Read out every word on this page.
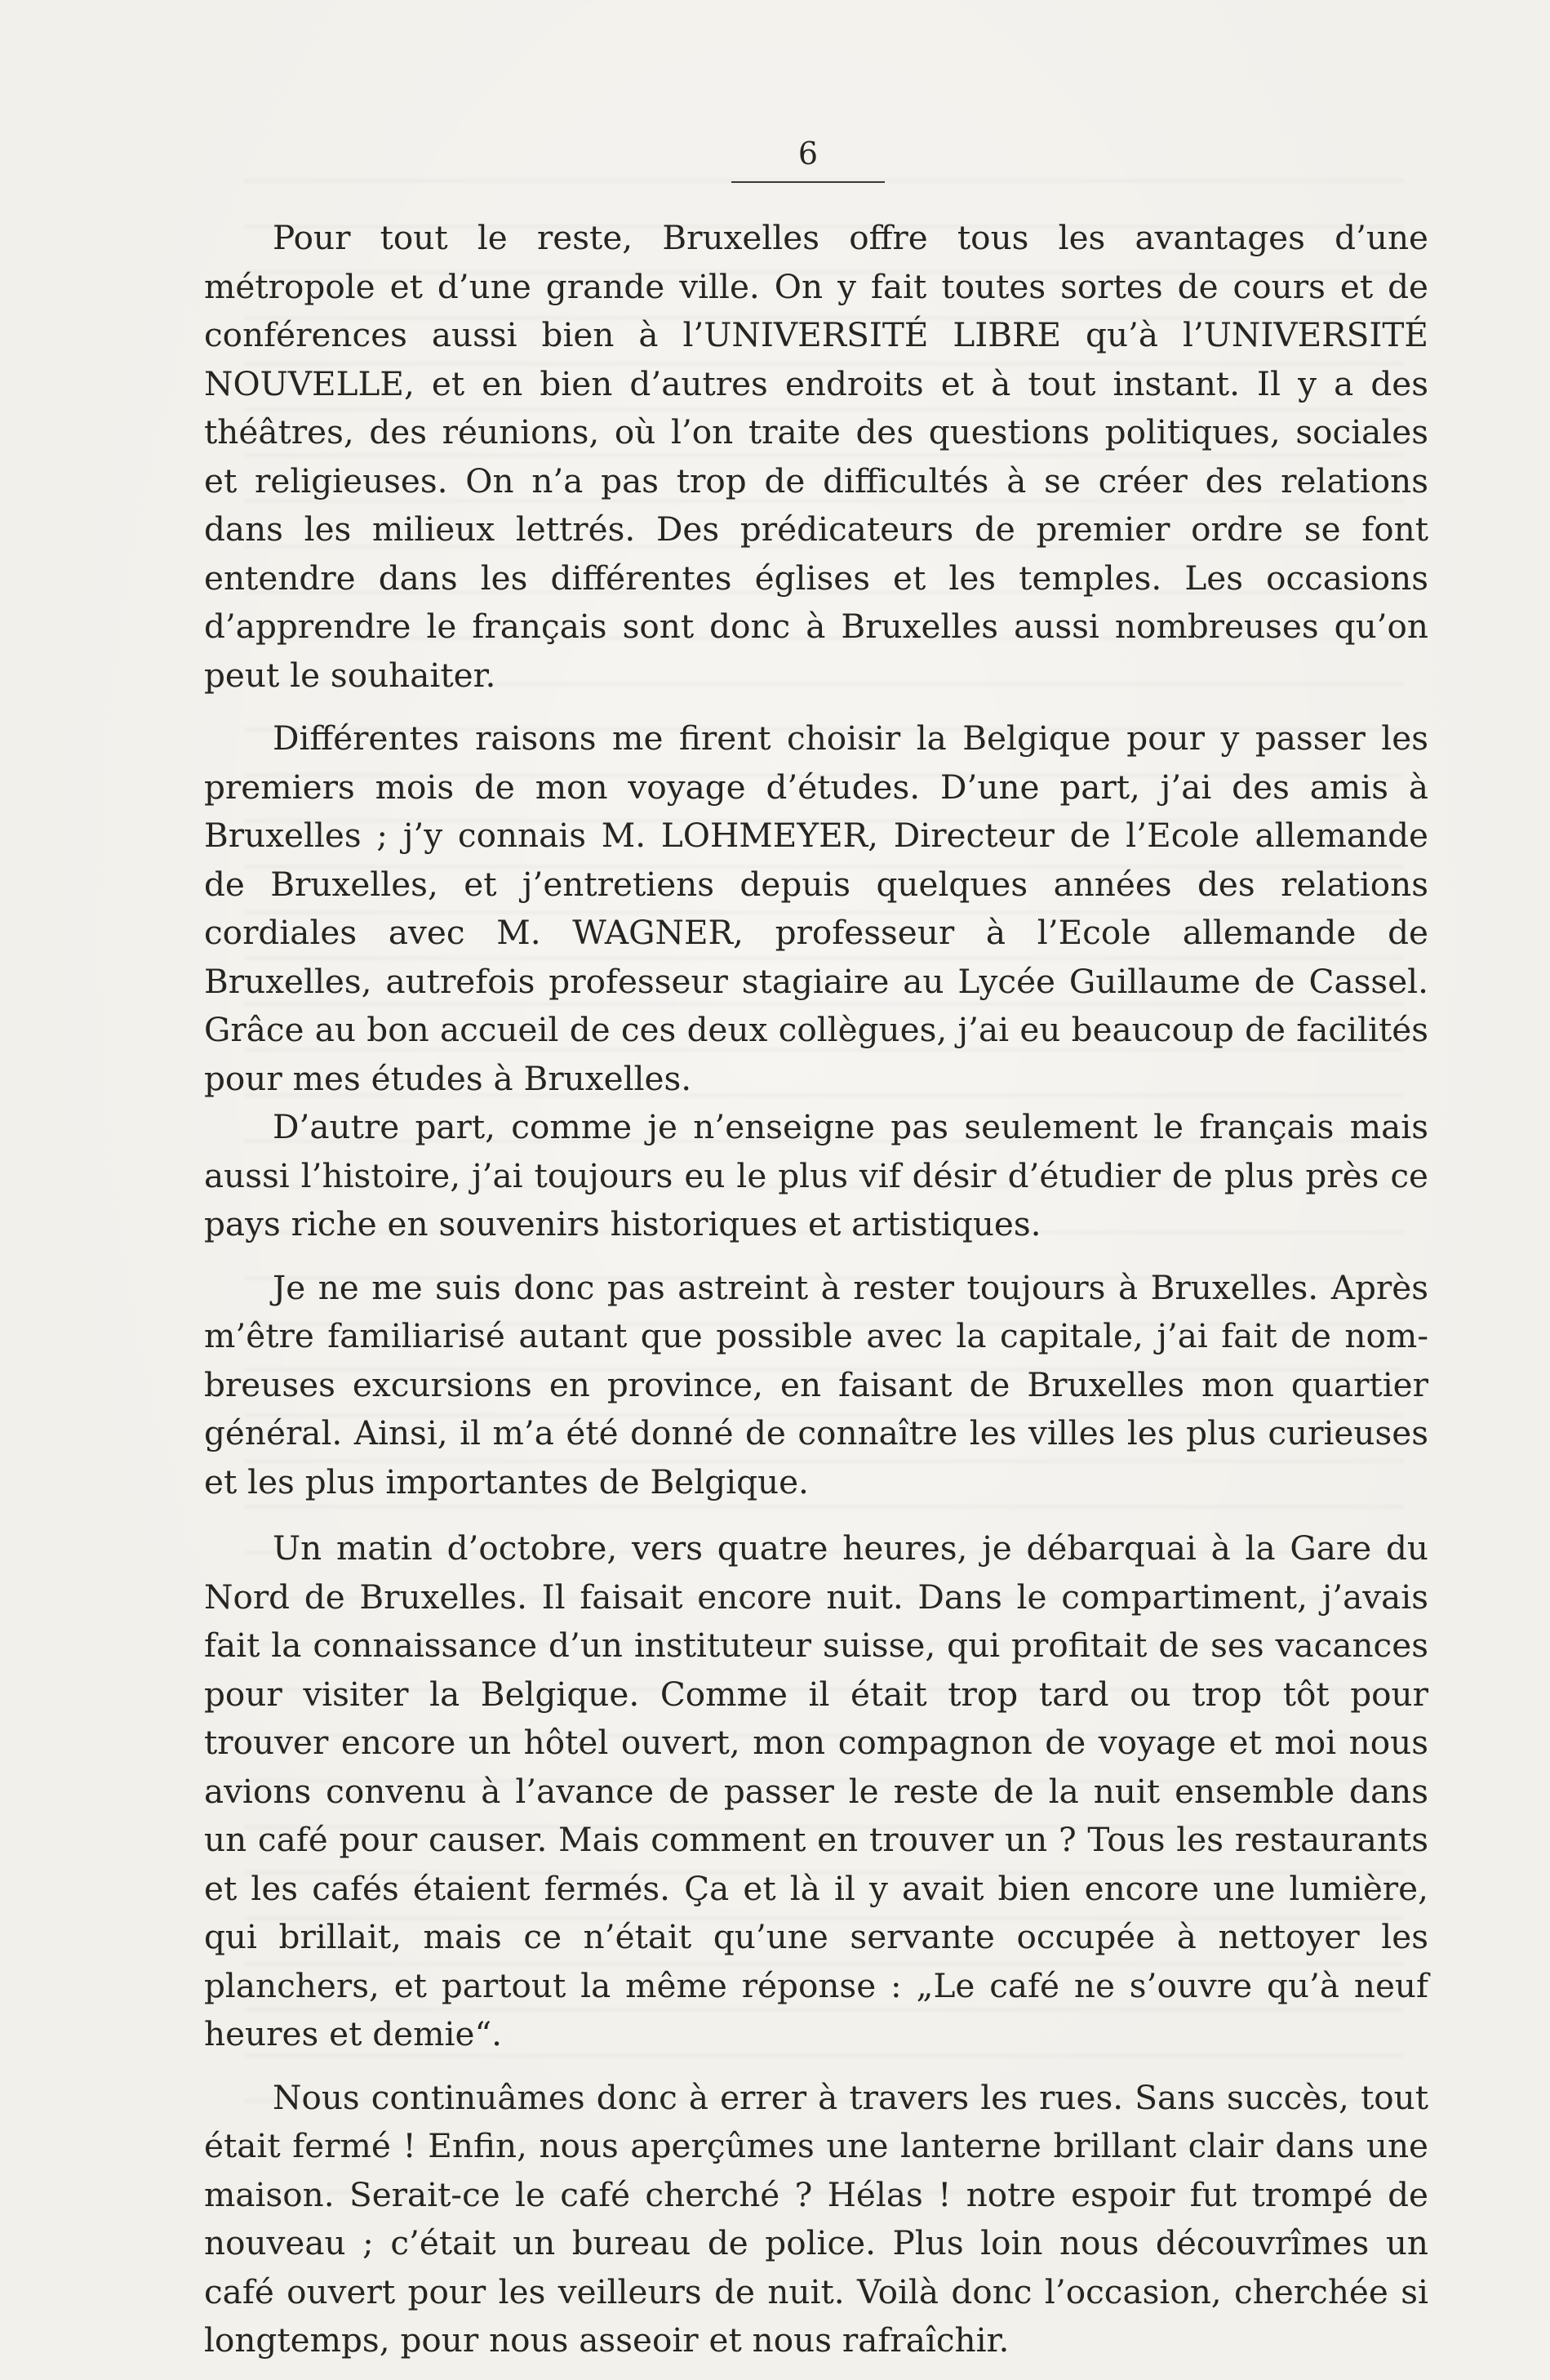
6

Pour tout le reste, Bruxelles offre tous les avantages d’une métropole et d’une grande ville. On y fait toutes sortes de cours et de conférences aussi bien à l’UNIVERSITÉ LIBRE qu’à l’UNIVERSITÉ NOUVELLE, et en bien d’autres endroits et à tout instant. Il y a des théâtres, des réunions, où l’on traite des questions politiques, sociales et religieuses. On n’a pas trop de difficultés à se créer des relations dans les milieux lettrés. Des prédicateurs de premier ordre se font entendre dans les différentes églises et les temples. Les occasions d’apprendre le français sont donc à Bruxelles aussi nombreuses qu’on peut le souhaiter.

Différentes raisons me firent choisir la Belgique pour y passer les premiers mois de mon voyage d’études. D’une part, j’ai des amis à Bruxelles ; j’y connais M. LOHMEYER, Directeur de l’Ecole allemande de Bruxelles, et j’entretiens depuis quelques années des relations cordiales avec M. WAGNER, professeur à l’Ecole allemande de Bruxelles, autrefois professeur stagiaire au Lycée Guillaume de Cassel. Grâce au bon accueil de ces deux collègues, j’ai eu beaucoup de facilités pour mes études à Bruxelles.

D’autre part, comme je n’enseigne pas seulement le français mais aussi l’histoire, j’ai toujours eu le plus vif désir d’étudier de plus près ce pays riche en souvenirs historiques et artistiques.

Je ne me suis donc pas astreint à rester toujours à Bruxelles. Après m’être familiarisé autant que possible avec la capitale, j’ai fait de nombreuses excursions en province, en faisant de Bruxelles mon quartier général. Ainsi, il m’a été donné de connaître les villes les plus curieuses et les plus importantes de Belgique.

Un matin d’octobre, vers quatre heures, je débarquai à la Gare du Nord de Bruxelles. Il faisait encore nuit. Dans le compartiment, j’avais fait la connaissance d’un instituteur suisse, qui profitait de ses vacances pour visiter la Belgique. Comme il était trop tard ou trop tôt pour trouver encore un hôtel ouvert, mon compagnon de voyage et moi nous avions convenu à l’avance de passer le reste de la nuit ensemble dans un café pour causer. Mais comment en trouver un ? Tous les restaurants et les cafés étaient fermés. Ça et là il y avait bien encore une lumière, qui brillait, mais ce n’était qu’une servante occupée à nettoyer les planchers, et partout la même réponse : „Le café ne s’ouvre qu’à neuf heures et demie“.

Nous continuâmes donc à errer à travers les rues. Sans succès, tout était fermé ! Enfin, nous aperçûmes une lanterne brillant clair dans une maison. Serait-ce le café cherché ? Hélas ! notre espoir fut trompé de nouveau ; c’était un bureau de police. Plus loin nous découvrîmes un café ouvert pour les veilleurs de nuit. Voilà donc l’occasion, cherchée si longtemps, pour nous asseoir et nous rafraîchir.
